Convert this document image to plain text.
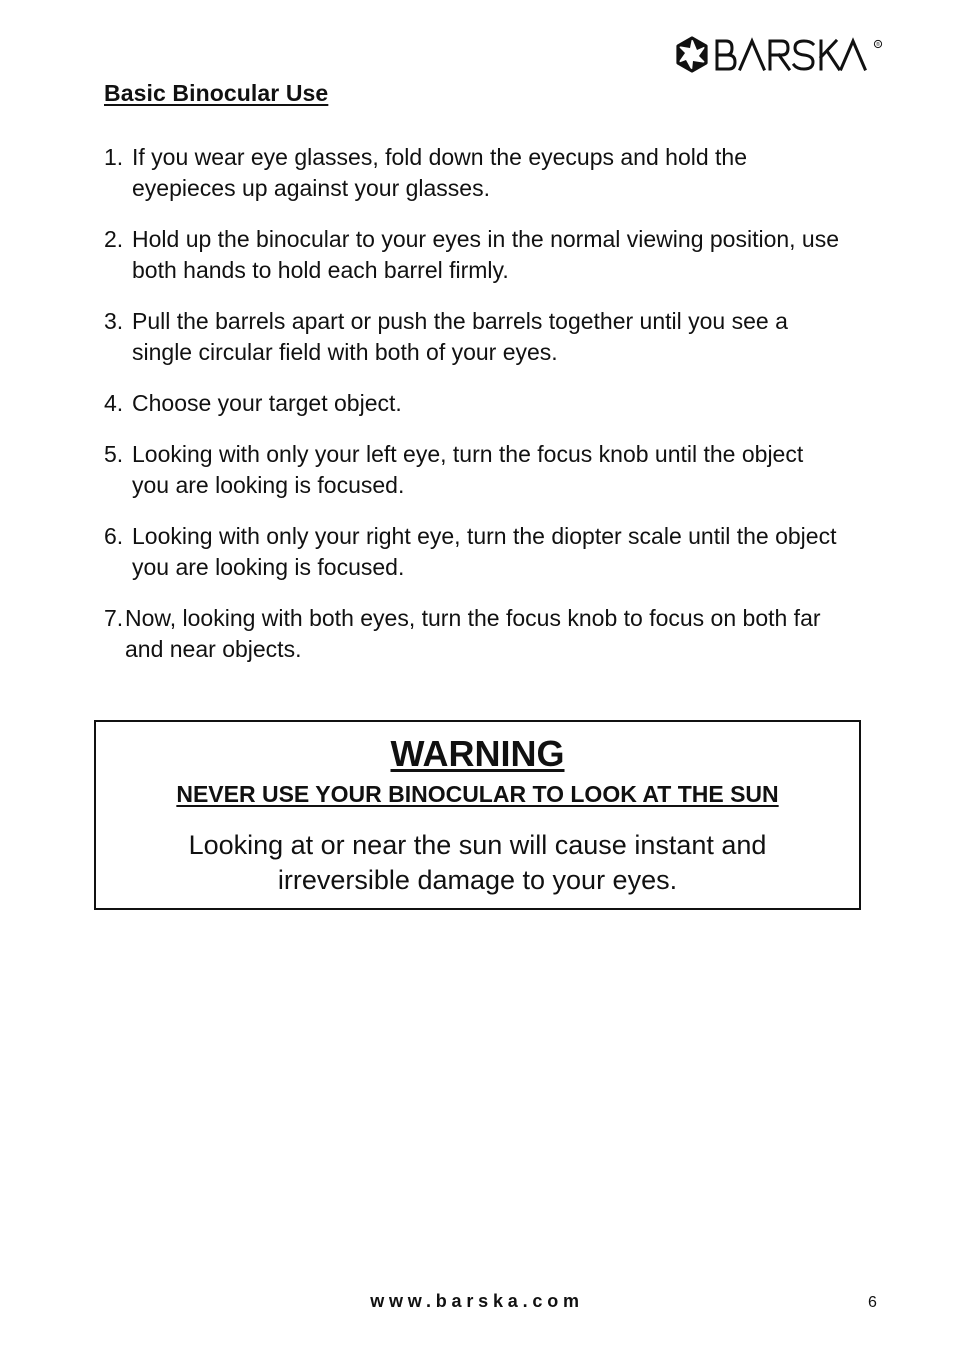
®
Basic Binocular Use
1. If you wear eye glasses, fold down the eyecups and hold the eyepieces up against your glasses.
2. Hold up the binocular to your eyes in the normal viewing position, use both hands to hold each barrel firmly.
3. Pull the barrels apart or push the barrels together until you see a single circular field with both of your eyes.
4. Choose your target object.
5. Looking with only your left eye, turn the focus knob until the object you are looking is focused.
6. Looking with only your right eye, turn the diopter scale until the object you are looking is focused.
7. Now, looking with both eyes, turn the focus knob to focus on both far and near objects.
WARNING
NEVER USE YOUR BINOCULAR TO LOOK AT THE SUN
Looking at or near the sun will cause instant and irreversible damage to your eyes.
www.barska.com	6
